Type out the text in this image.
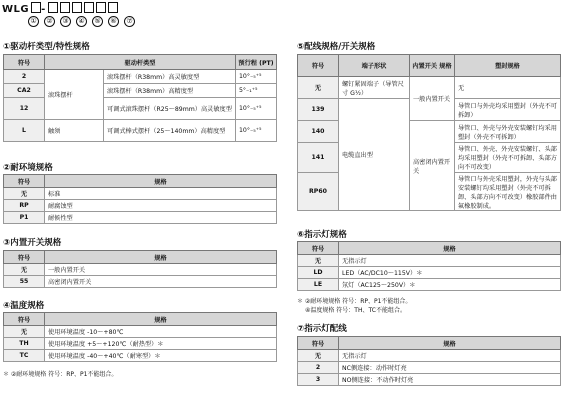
WLG -
①	②	③	④	⑤	⑥	⑦
①驱动杆类型/特性规格
符号	驱动杆类型		预行程 (PT)
2	滚珠摆杆	滚珠摆杆（R38mm）高灵敏度型	10°₋₅⁺⁵
CA2		滚珠摆杆（R38mm）高精度型	5°₋₁⁺⁵
12		可调式滚珠摆杆（R25～89mm）高灵敏度型	10°₋₅⁺⁵
L	触须	可调式棒式摆杆（25～140mm）高精度型	10°₋₅⁺⁵
②耐环境规格
符号	规格
无	标准
RP	耐腐蚀型
P1	耐候性型
③内置开关规格
符号	规格
无	一般内置开关
55	高密闭内置开关
④温度规格
符号	规格
无	使用环境温度 -10～+80℃
TH	使用环境温度 +5～+120℃（耐热型）＊
TC	使用环境温度 -40～+40℃（耐寒型）＊
＊ ②耐环境规格 符号：RP、P1不能组合。
⑤配线规格/开关规格
符号	端子形状	内置开关 规格	塑封规格
无	螺钉紧固端子（导管尺寸 G½）	一般内置开关	无
139	电缆直出型		导管口与外壳均采用塑封（外壳不可拆卸）
140		高密闭内置开关	导管口、外壳与外壳安装螺钉均采用塑封（外壳不可拆卸）
141			导管口、外壳、外壳安装螺钉、头部均采用塑封（外壳不可拆卸、头部方向不可改变）
RP60			导管口与外壳采用塑封，外壳与头部安装螺钉均采用塑封（外壳不可拆卸、头部方向不可改变）橡胶部件由氟橡胶制成。
⑥指示灯规格
符号	规格
无	无指示灯
LD	LED（AC/DC10～115V）＊
LE	氖灯（AC125～250V）＊
＊ ②耐环境规格 符号：RP、P1不能组合。
④温度规格 符号：TH、TC不能组合。
⑦指示灯配线
符号	规格
无	无指示灯
2	NC侧连接：动作时灯亮
3	NO侧连接：不动作时灯亮
